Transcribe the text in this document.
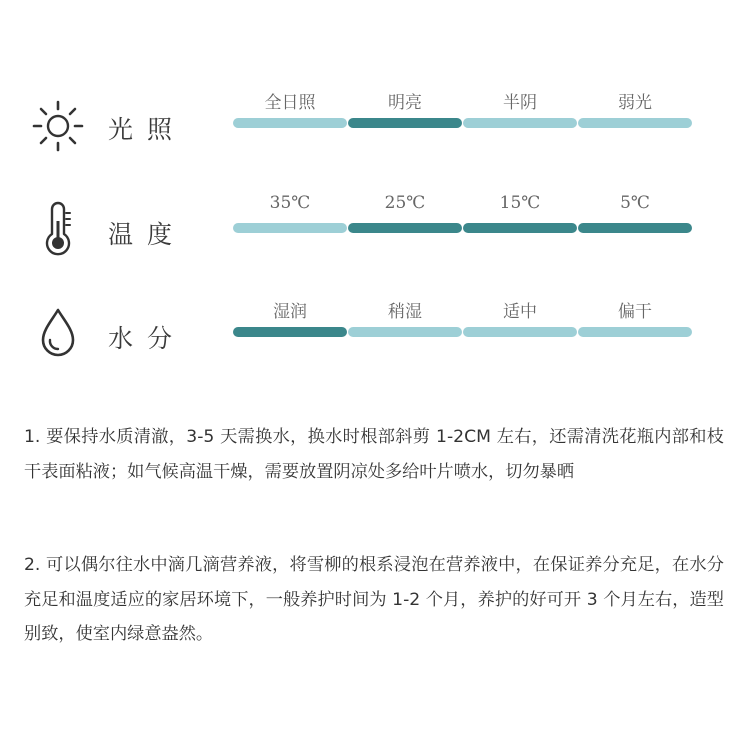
光照
全日照	明亮	半阴	弱光
温度
35℃	25℃	15℃	5℃
水分
湿润	稍湿	适中	偏干

1. 要保持水质清澈，3-5 天需换水，换水时根部斜剪 1-2CM 左右，还需清洗花瓶内部和枝干表面粘液；如气候高温干燥，需要放置阴凉处多给叶片喷水，切勿暴晒

2. 可以偶尔往水中滴几滴营养液，将雪柳的根系浸泡在营养液中，在保证养分充足，在水分充足和温度适应的家居环境下，一般养护时间为 1-2 个月，养护的好可开 3 个月左右，造型别致，使室内绿意盎然。
